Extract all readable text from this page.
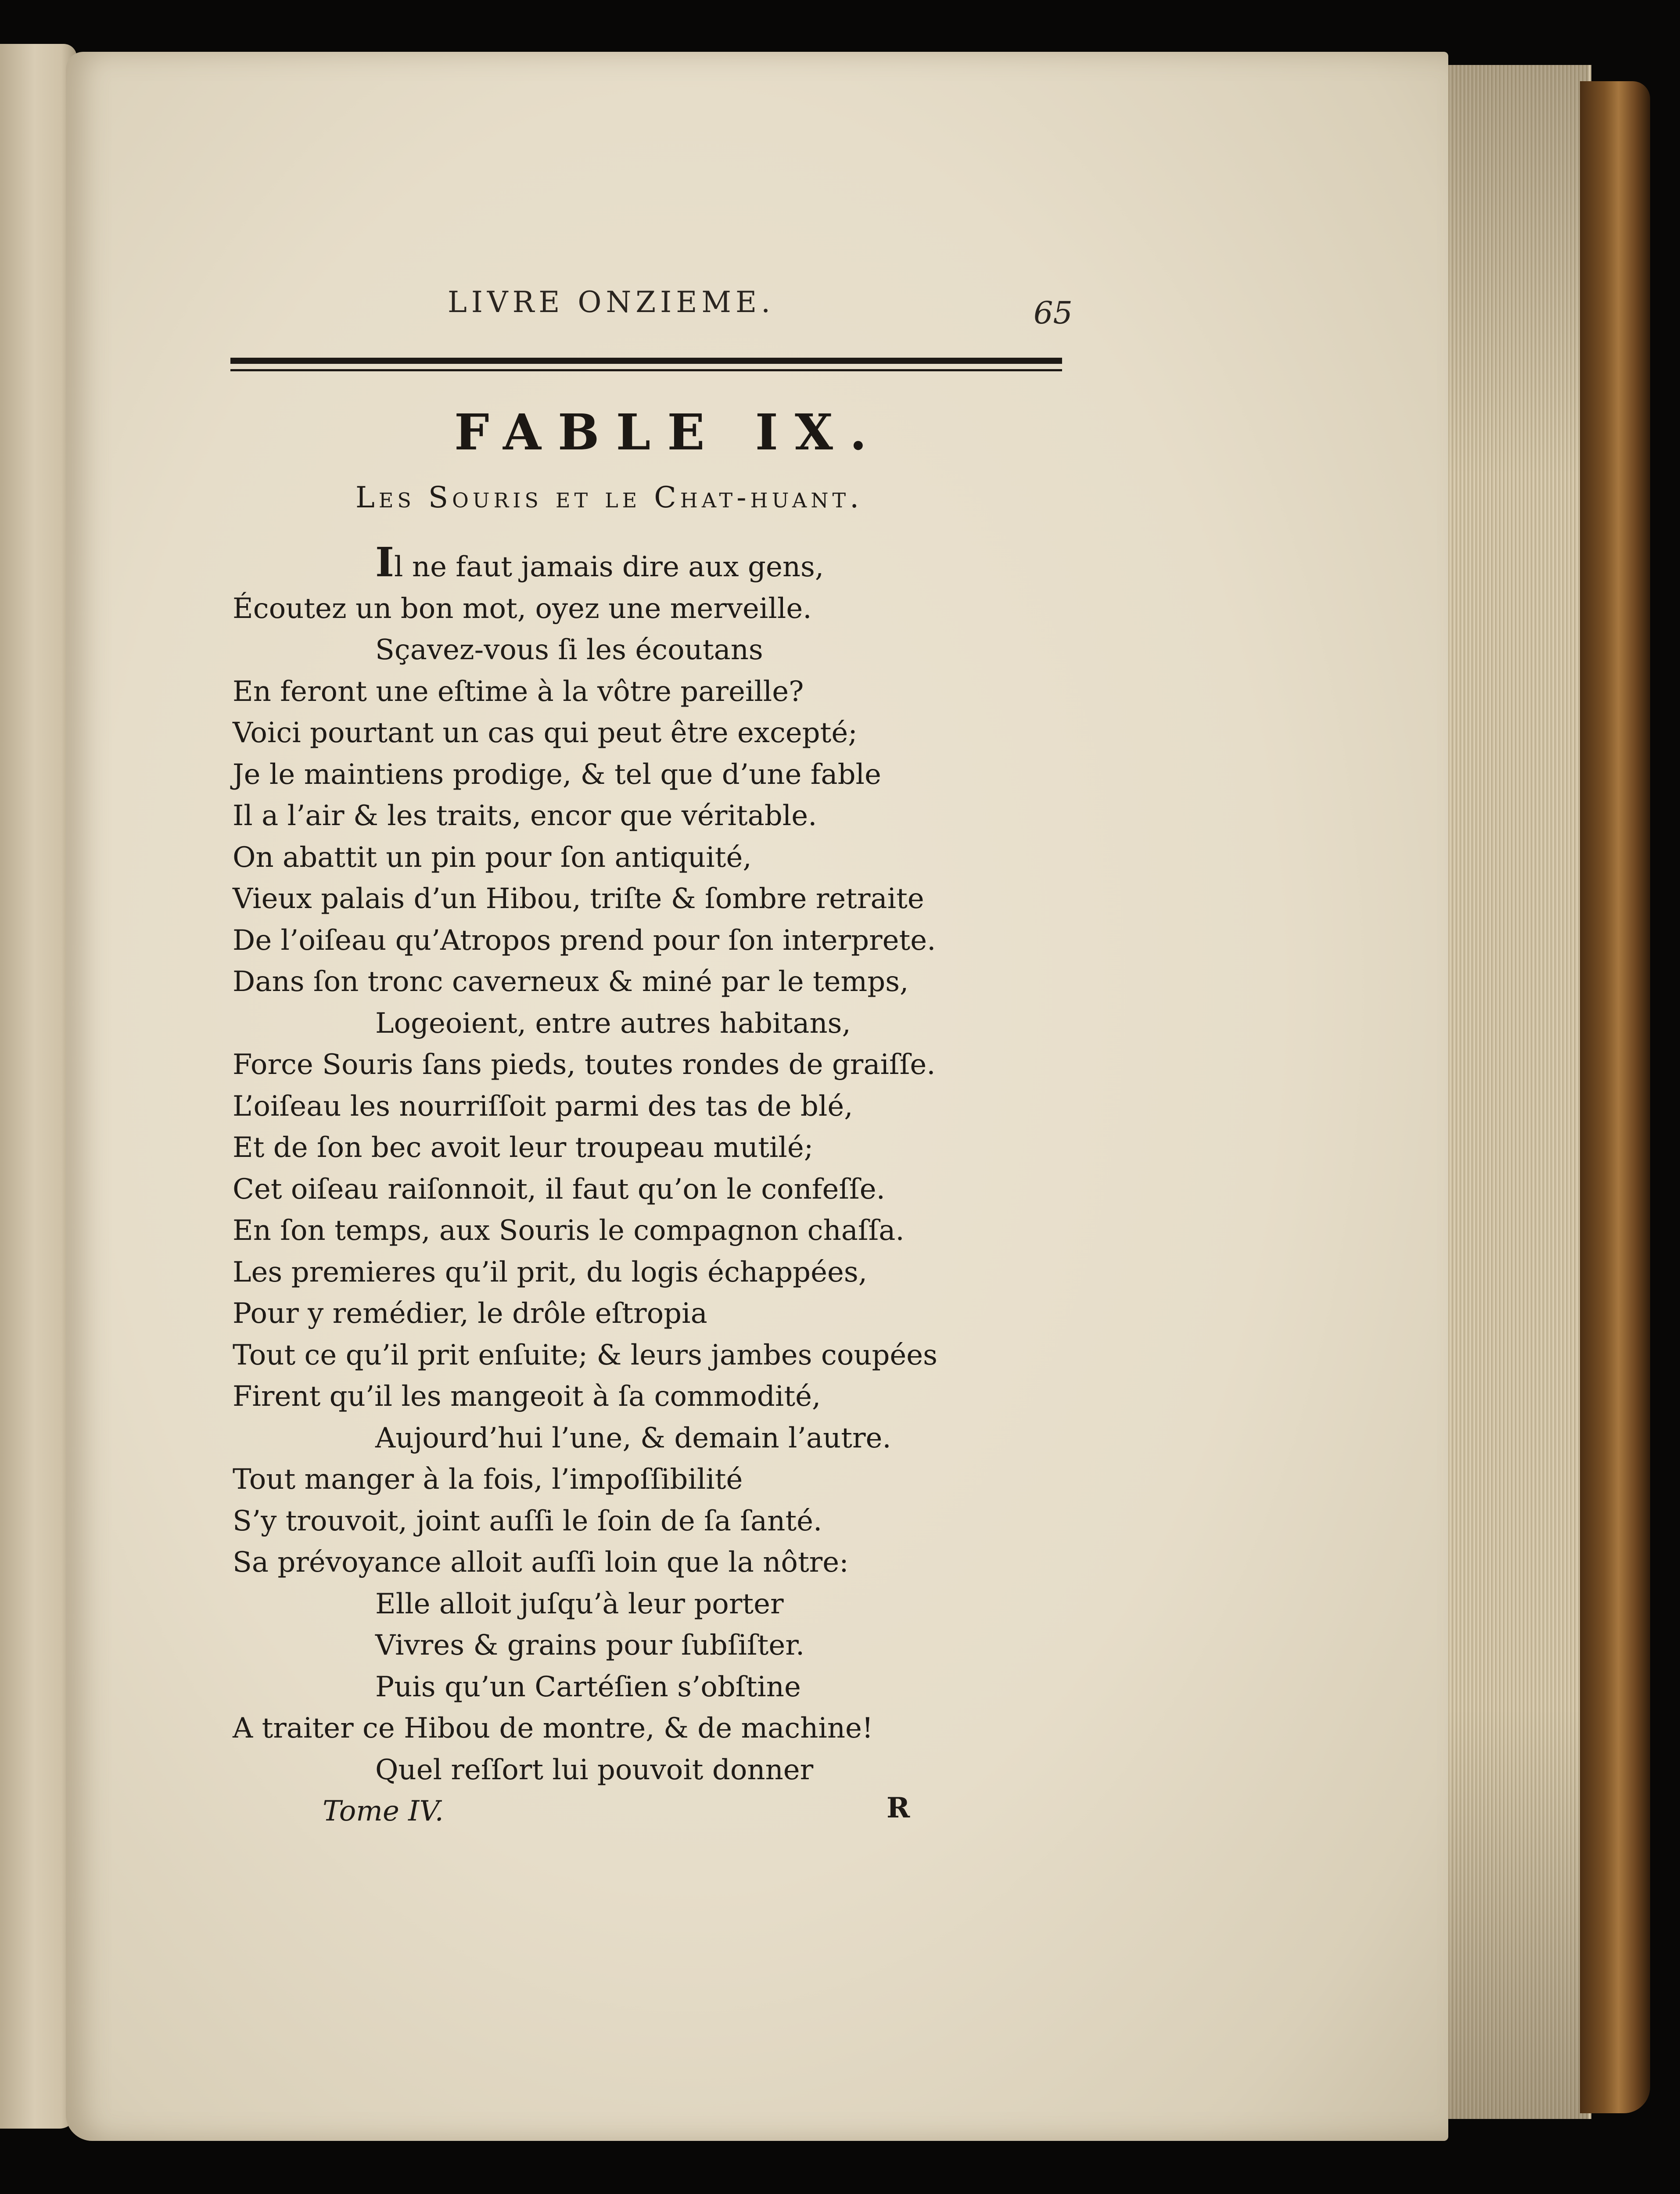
LIVRE ONZIEME.	65
FABLE IX.
Les Souris et le Chat-huant.
Il ne faut jamais dire aux gens,
Écoutez un bon mot, oyez une merveille.
Sçavez-vous ſi les écoutans
En feront une eſtime à la vôtre pareille?
Voici pourtant un cas qui peut être excepté;
Je le maintiens prodige, & tel que d’une fable
Il a l’air & les traits, encor que véritable.
On abattit un pin pour ſon antiquité,
Vieux palais d’un Hibou, triſte & ſombre retraite
De l’oiſeau qu’Atropos prend pour ſon interprete.
Dans ſon tronc caverneux & miné par le temps,
Logeoient, entre autres habitans,
Force Souris ſans pieds, toutes rondes de graiſſe.
L’oiſeau les nourriſſoit parmi des tas de blé,
Et de ſon bec avoit leur troupeau mutilé;
Cet oiſeau raiſonnoit, il faut qu’on le confeſſe.
En ſon temps, aux Souris le compagnon chaſſa.
Les premieres qu’il prit, du logis échappées,
Pour y remédier, le drôle eſtropia
Tout ce qu’il prit enſuite; & leurs jambes coupées
Firent qu’il les mangeoit à ſa commodité,
Aujourd’hui l’une, & demain l’autre.
Tout manger à la fois, l’impoſſibilité
S’y trouvoit, joint auſſi le ſoin de ſa ſanté.
Sa prévoyance alloit auſſi loin que la nôtre:
Elle alloit juſqu’à leur porter
Vivres & grains pour ſubſiſter.
Puis qu’un Cartéſien s’obſtine
A traiter ce Hibou de montre, & de machine!
Quel reſſort lui pouvoit donner
Tome IV.	R
